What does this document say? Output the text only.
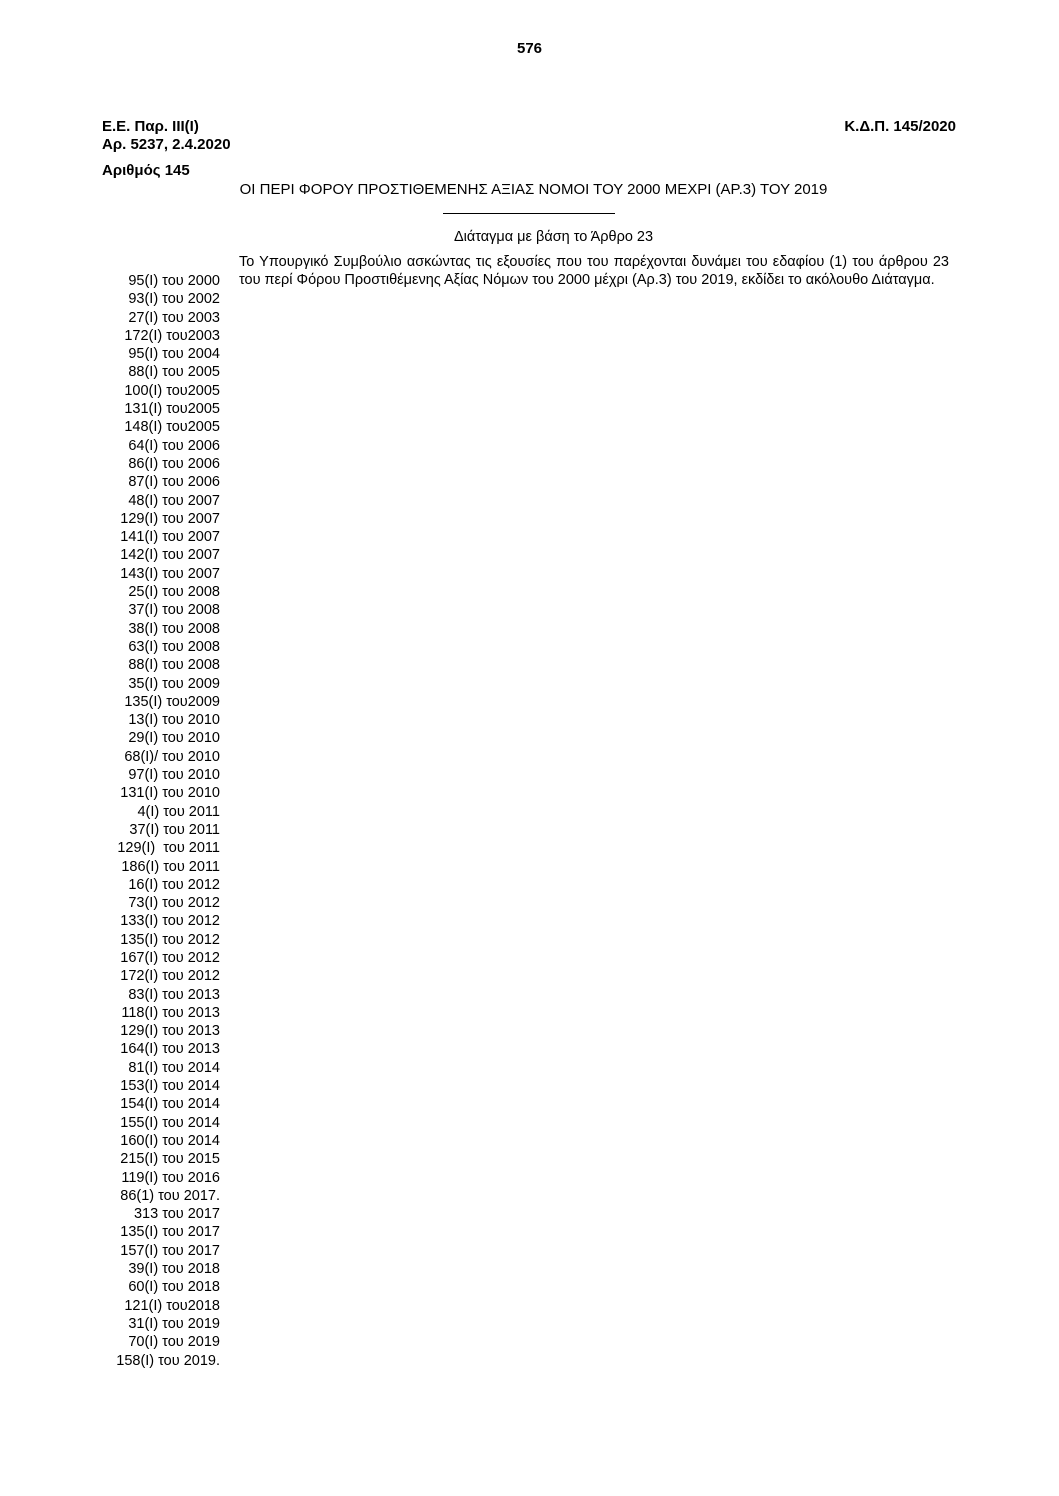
576
Ε.Ε. Παρ. ΙΙΙ(Ι)
Αρ. 5237, 2.4.2020
Κ.Δ.Π. 145/2020
Αριθμός 145
ΟΙ ΠΕΡΙ ΦΟΡΟΥ ΠΡΟΣΤΙΘΕΜΕΝΗΣ ΑΞΙΑΣ ΝΟΜΟΙ ΤΟΥ 2000 ΜΕΧΡΙ (ΑΡ.3) ΤΟΥ 2019
Διάταγμα με βάση το Άρθρο 23
Το Υπουργικό Συμβούλιο ασκώντας τις εξουσίες που του παρέχονται δυνάμει του εδαφίου (1) του άρθρου 23 του περί Φόρου Προστιθέμενης Αξίας Νόμων του 2000 μέχρι (Αρ.3) του 2019, εκδίδει το ακόλουθο Διάταγμα.
95(Ι) του 2000
93(Ι) του 2002
27(Ι) του 2003
172(Ι) του2003
95(Ι) του 2004
88(Ι) του 2005
100(Ι) του2005
131(Ι) του2005
148(Ι) του2005
64(Ι) του 2006
86(Ι) του 2006
87(Ι) του 2006
48(Ι) του 2007
129(Ι) του 2007
141(Ι) του 2007
142(Ι) του 2007
143(Ι) του 2007
25(Ι) του 2008
37(Ι) του 2008
38(Ι) του 2008
63(Ι) του 2008
88(Ι) του 2008
35(Ι) του 2009
135(Ι) του2009
13(Ι) του 2010
29(Ι) του 2010
68(Ι)/ του 2010
97(Ι) του 2010
131(Ι) του 2010
4(Ι) του 2011
37(Ι) του 2011
129(Ι)  του 2011
186(Ι) του 2011
16(Ι) του 2012
73(Ι) του 2012
133(Ι) του 2012
135(Ι) του 2012
167(Ι) του 2012
172(Ι) του 2012
83(Ι) του 2013
118(Ι) του 2013
129(Ι) του 2013
164(Ι) του 2013
81(Ι) του 2014
153(Ι) του 2014
154(Ι) του 2014
155(Ι) του 2014
160(Ι) του 2014
215(Ι) του 2015
119(Ι) του 2016
86(1) του 2017.
313 του 2017
135(Ι) του 2017
157(Ι) του 2017
39(Ι) του 2018
60(Ι) του 2018
121(Ι) του2018
31(Ι) του 2019
70(Ι) του 2019
158(Ι) του 2019.
